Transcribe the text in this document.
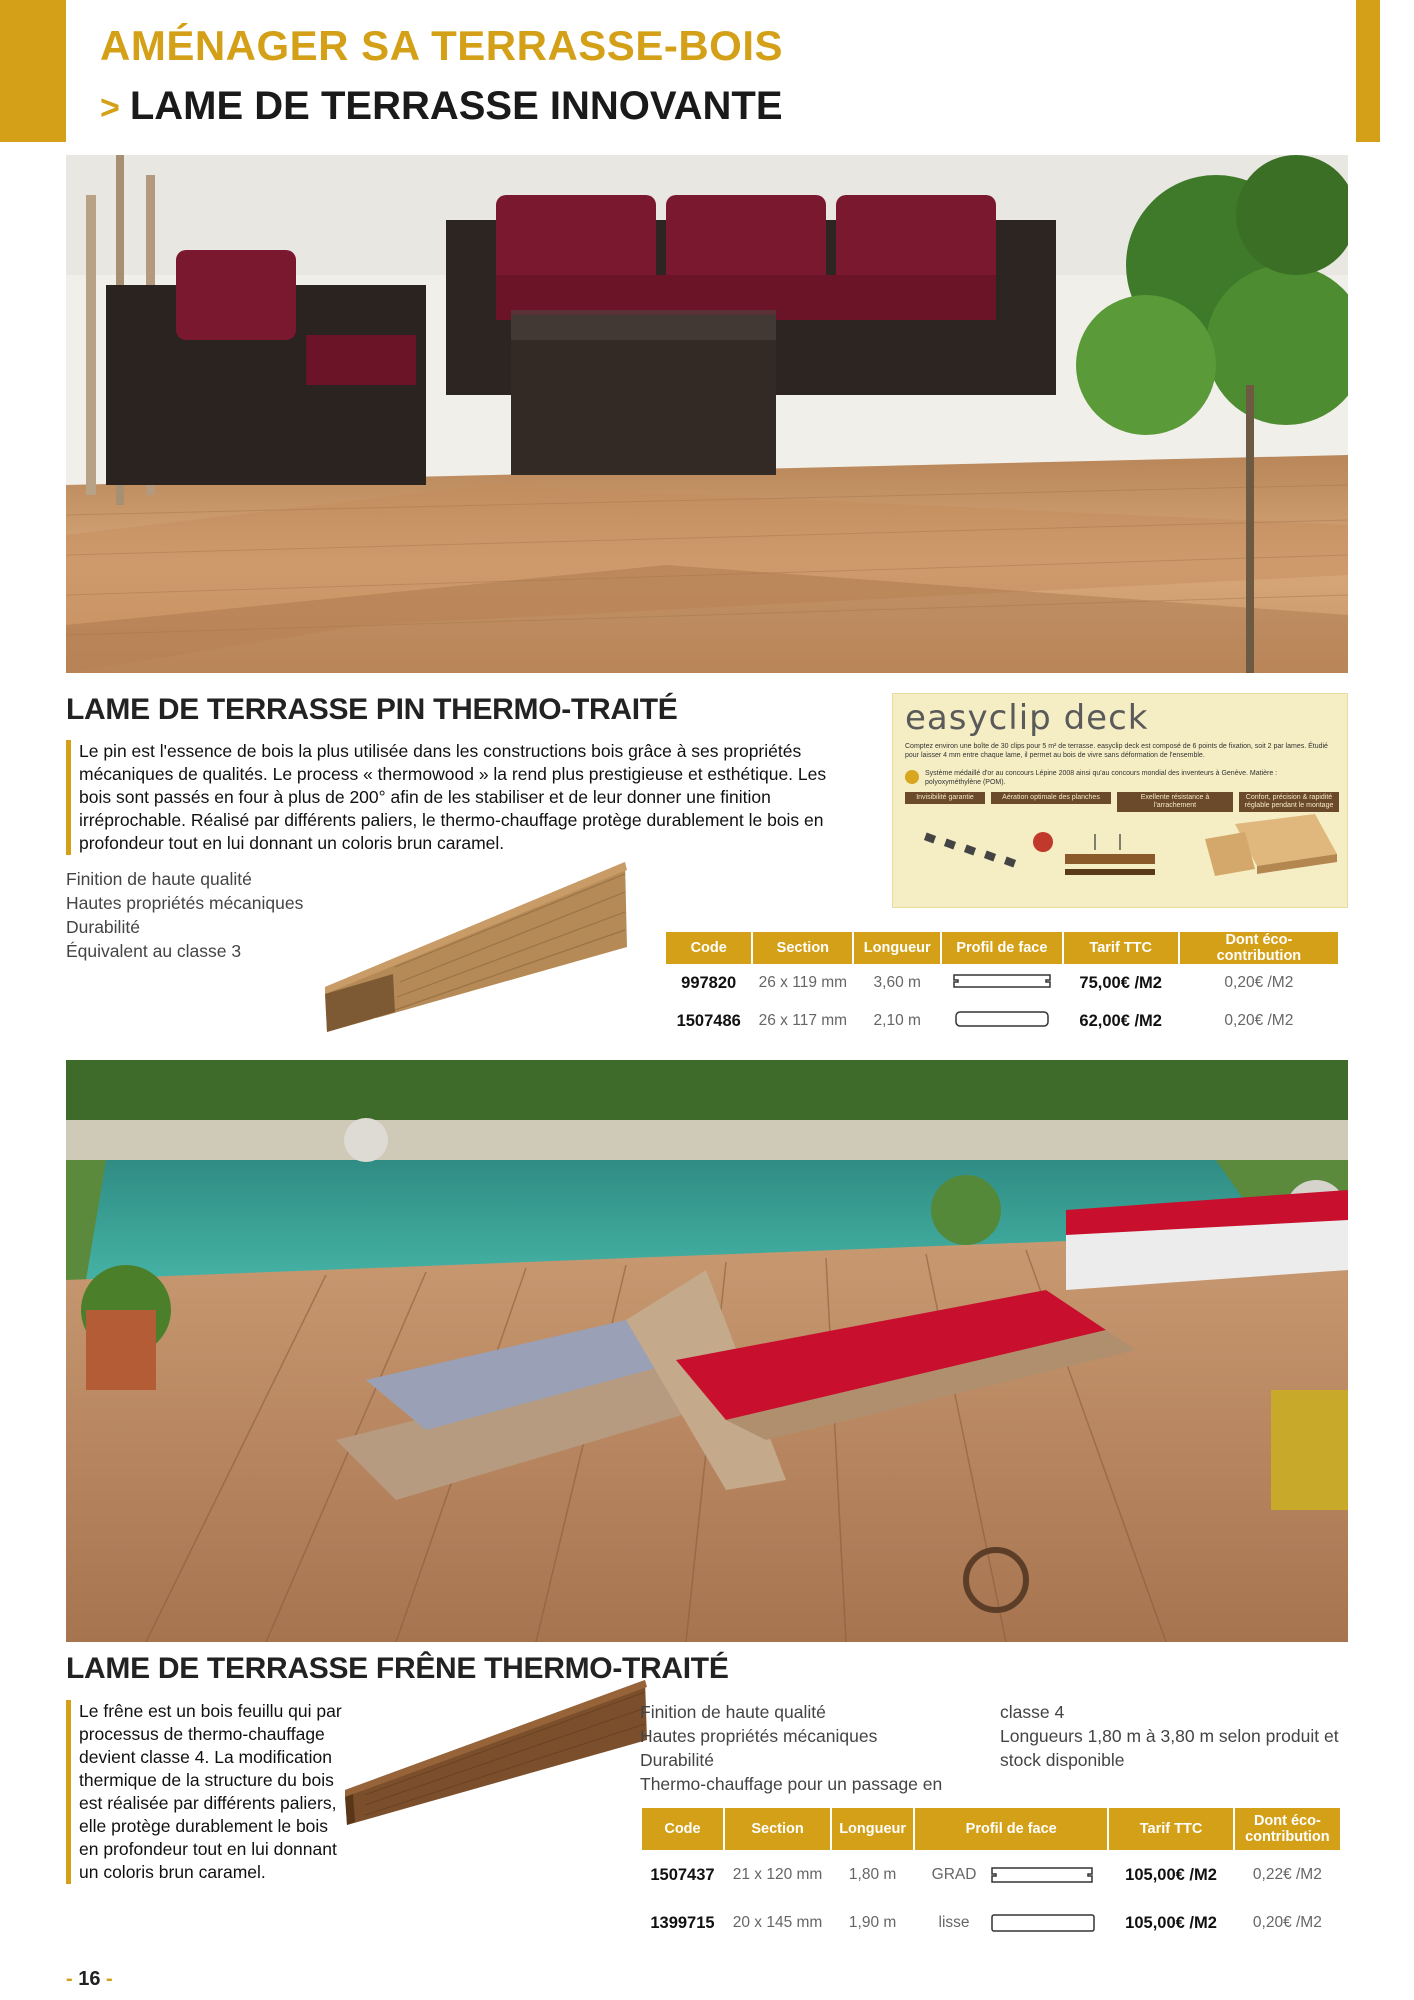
AMÉNAGER SA TERRASSE-BOIS
> LAME DE TERRASSE INNOVANTE
LAME DE TERRASSE PIN THERMO-TRAITÉ
Le pin est l'essence de bois la plus utilisée dans les constructions bois grâce à ses propriétés mécaniques de qualités. Le process « thermowood » la rend plus prestigieuse et esthétique. Les bois sont passés en four à plus de 200° afin de les stabiliser et de leur donner une finition irréprochable. Réalisé par différents paliers, le thermo-chauffage protège durablement le bois en profondeur tout en lui donnant un coloris brun caramel.
Finition de haute qualité
Hautes propriétés mécaniques
Durabilité
Équivalent au classe 3
easyclip deck
Comptez environ une boîte de 30 clips pour 5 m² de terrasse. easyclip deck est composé de 6 points de fixation, soit 2 par lames. Étudié pour laisser 4 mm entre chaque lame, il permet au bois de vivre sans déformation de l'ensemble.
Système médaillé d'or au concours Lépine 2008 ainsi qu'au concours mondial des inventeurs à Genève. Matière : polyoxyméthylène (POM).
Invisibilité garantie	Aération optimale des planches	Exellente résistance à l'arrachement
Confort, précision & rapidité réglable pendant le montage
Code	Section	Longueur	Profil de face	Tarif TTC	Dont éco-contribution
997820	26 x 119 mm	3,60 m		75,00€ /M2	0,20€ /M2
1507486	26 x 117 mm	2,10 m		62,00€ /M2	0,20€ /M2
LAME DE TERRASSE FRÊNE THERMO-TRAITÉ
Le frêne est un bois feuillu qui par processus de thermo-chauffage devient classe 4. La modification thermique de la structure du bois est réalisée par différents paliers, elle protège durablement le bois en profondeur tout en lui donnant un coloris brun caramel.
Finition de haute qualité
Hautes propriétés mécaniques
Durabilité
Thermo-chauffage pour un passage en
classe 4
Longueurs 1,80 m à 3,80 m selon produit et stock disponible
Code	Section	Longueur	Profil de face	Tarif TTC	Dont éco-contribution
1507437	21 x 120 mm	1,80 m	GRAD	105,00€ /M2	0,22€ /M2
1399715	20 x 145 mm	1,90 m	lisse	105,00€ /M2	0,20€ /M2
- 16 -
